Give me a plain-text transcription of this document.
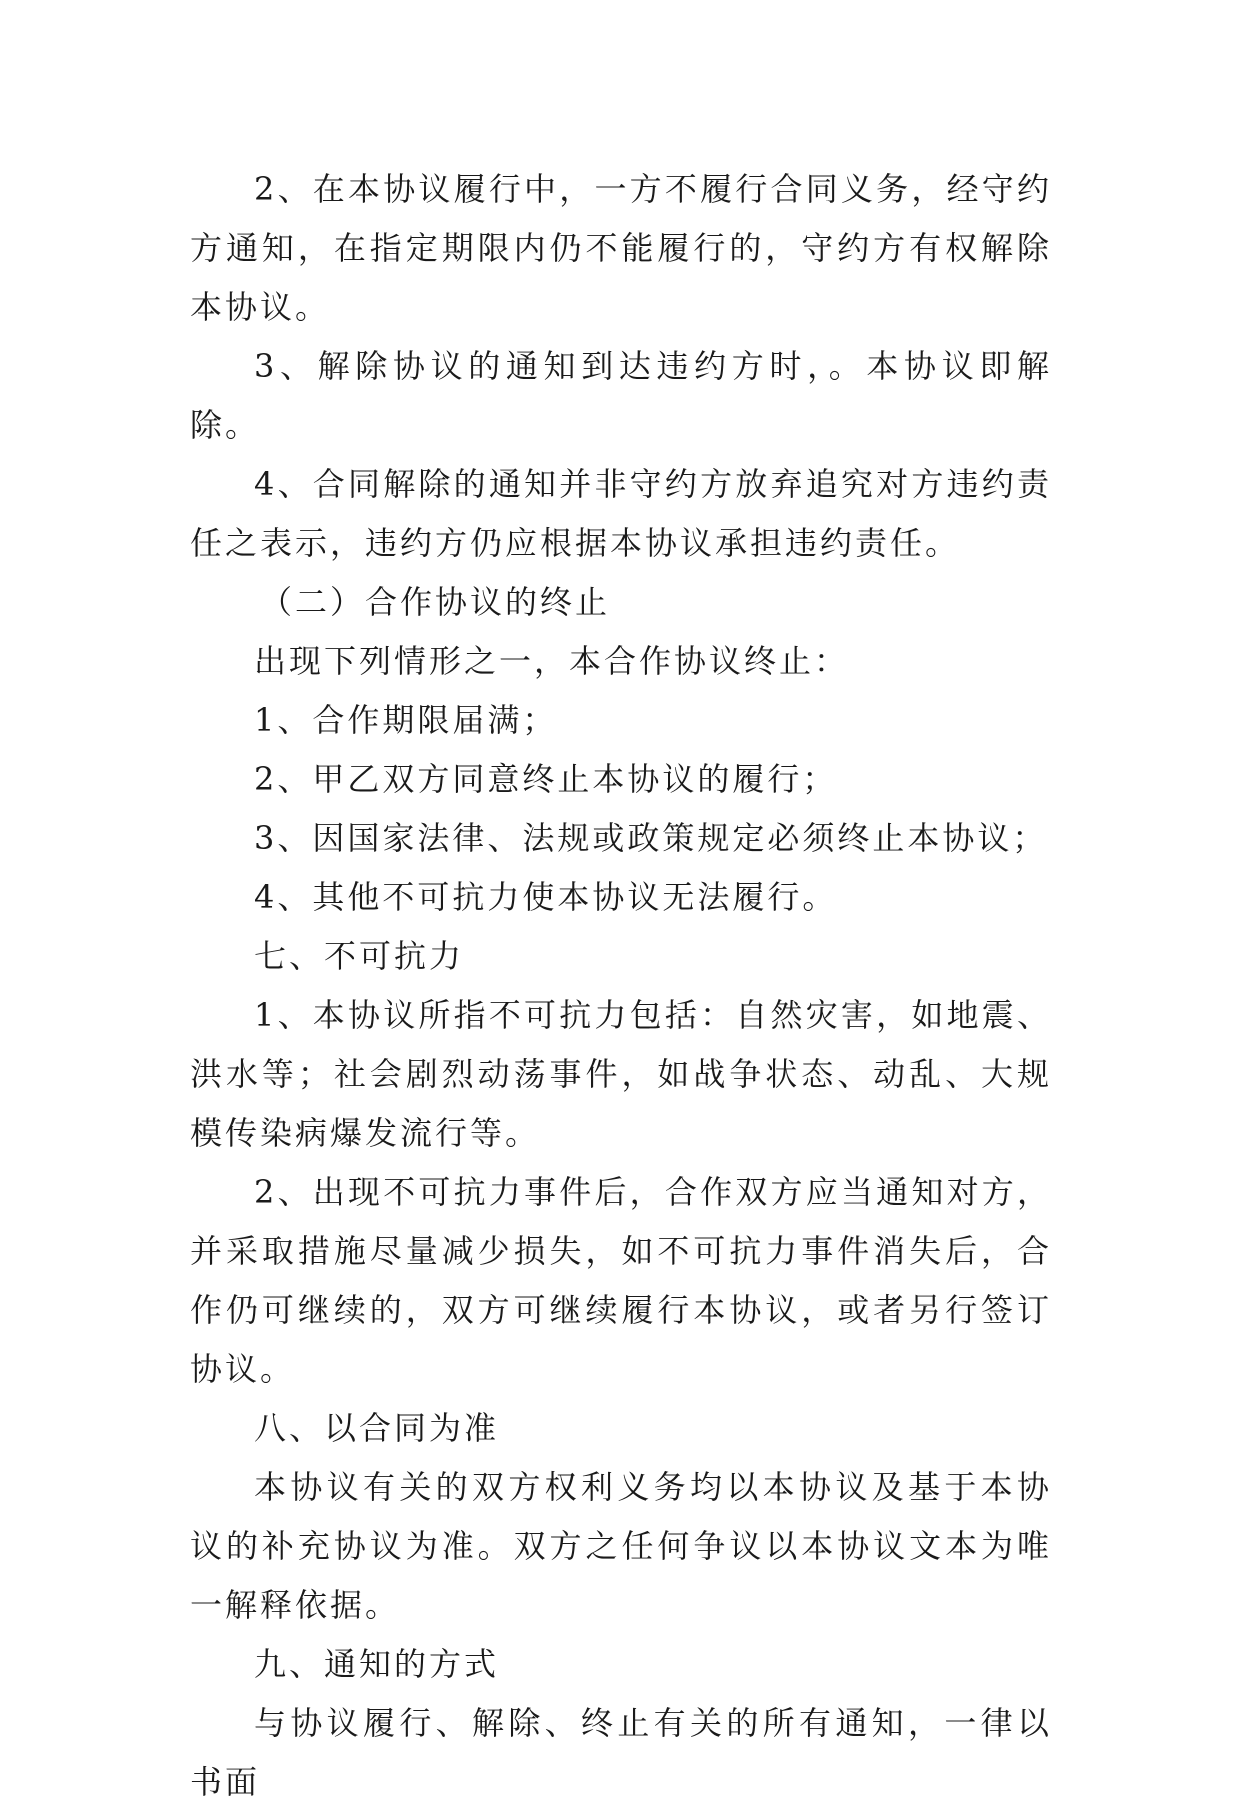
2、在本协议履行中，一方不履行合同义务，经守约方通知，在指定期限内仍不能履行的，守约方有权解除本协议。

3、解除协议的通知到达违约方时，。本协议即解除。

4、合同解除的通知并非守约方放弃追究对方违约责任之表示，违约方仍应根据本协议承担违约责任。

（二）合作协议的终止

出现下列情形之一，本合作协议终止：

1、合作期限届满；

2、甲乙双方同意终止本协议的履行；

3、因国家法律、法规或政策规定必须终止本协议；

4、其他不可抗力使本协议无法履行。

七、不可抗力

1、本协议所指不可抗力包括：自然灾害，如地震、洪水等；社会剧烈动荡事件，如战争状态、动乱、大规模传染病爆发流行等。

2、出现不可抗力事件后，合作双方应当通知对方，并采取措施尽量减少损失，如不可抗力事件消失后，合作仍可继续的，双方可继续履行本协议，或者另行签订协议。

八、以合同为准

本协议有关的双方权利义务均以本协议及基于本协议的补充协议为准。双方之任何争议以本协议文本为唯一解释依据。

九、通知的方式

与协议履行、解除、终止有关的所有通知，一律以书面
